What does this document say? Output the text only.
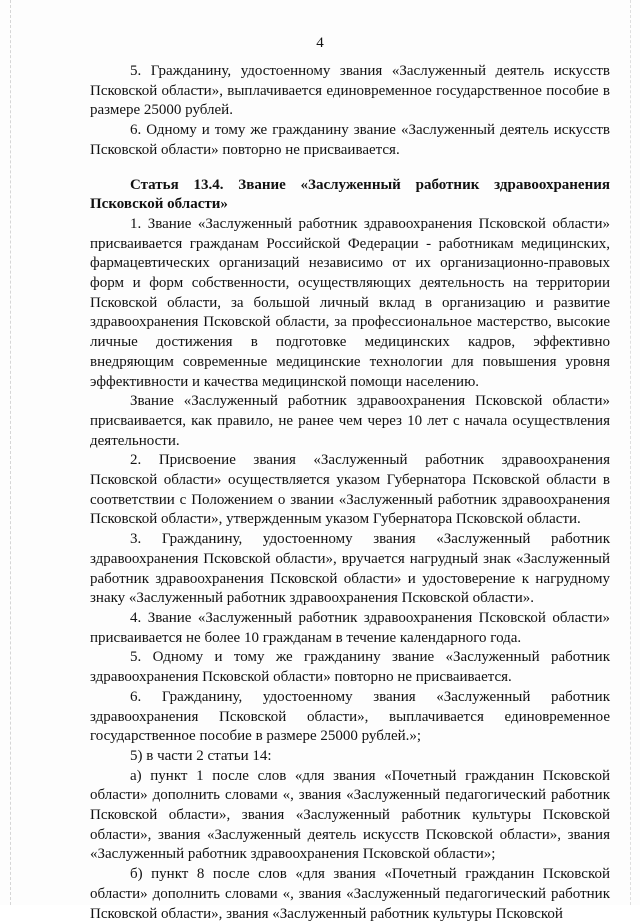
4

5. Гражданину, удостоенному звания «Заслуженный деятель искусств Псковской области», выплачивается единовременное государственное пособие в размере 25000 рублей.

6. Одному и тому же гражданину звание «Заслуженный деятель искусств Псковской области» повторно не присваивается.

Статья 13.4. Звание «Заслуженный работник здравоохранения Псковской области»

1. Звание «Заслуженный работник здравоохранения Псковской области» присваивается гражданам Российской Федерации - работникам медицинских, фармацевтических организаций независимо от их организационно-правовых форм и форм собственности, осуществляющих деятельность на территории Псковской области, за большой личный вклад в организацию и развитие здравоохранения Псковской области, за профессиональное мастерство, высокие личные достижения в подготовке медицинских кадров, эффективно внедряющим современные медицинские технологии для повышения уровня эффективности и качества медицинской помощи населению.

Звание «Заслуженный работник здравоохранения Псковской области» присваивается, как правило, не ранее чем через 10 лет с начала осуществления деятельности.

2. Присвоение звания «Заслуженный работник здравоохранения Псковской области» осуществляется указом Губернатора Псковской области в соответствии с Положением о звании «Заслуженный работник здравоохранения Псковской области», утвержденным указом Губернатора Псковской области.

3. Гражданину, удостоенному звания «Заслуженный работник здравоохранения Псковской области», вручается нагрудный знак «Заслуженный работник здравоохранения Псковской области» и удостоверение к нагрудному знаку «Заслуженный работник здравоохранения Псковской области».

4. Звание «Заслуженный работник здравоохранения Псковской области» присваивается не более 10 гражданам в течение календарного года.

5. Одному и тому же гражданину звание «Заслуженный работник здравоохранения Псковской области» повторно не присваивается.

6. Гражданину, удостоенному звания «Заслуженный работник здравоохранения Псковской области», выплачивается единовременное государственное пособие в размере 25000 рублей.»;

5) в части 2 статьи 14:

а) пункт 1 после слов «для звания «Почетный гражданин Псковской области» дополнить словами «, звания «Заслуженный педагогический работник Псковской области», звания «Заслуженный работник культуры Псковской области», звания «Заслуженный деятель искусств Псковской области», звания «Заслуженный работник здравоохранения Псковской области»;

б) пункт 8 после слов «для звания «Почетный гражданин Псковской области» дополнить словами «, звания «Заслуженный педагогический работник Псковской области», звания «Заслуженный работник культуры Псковской
